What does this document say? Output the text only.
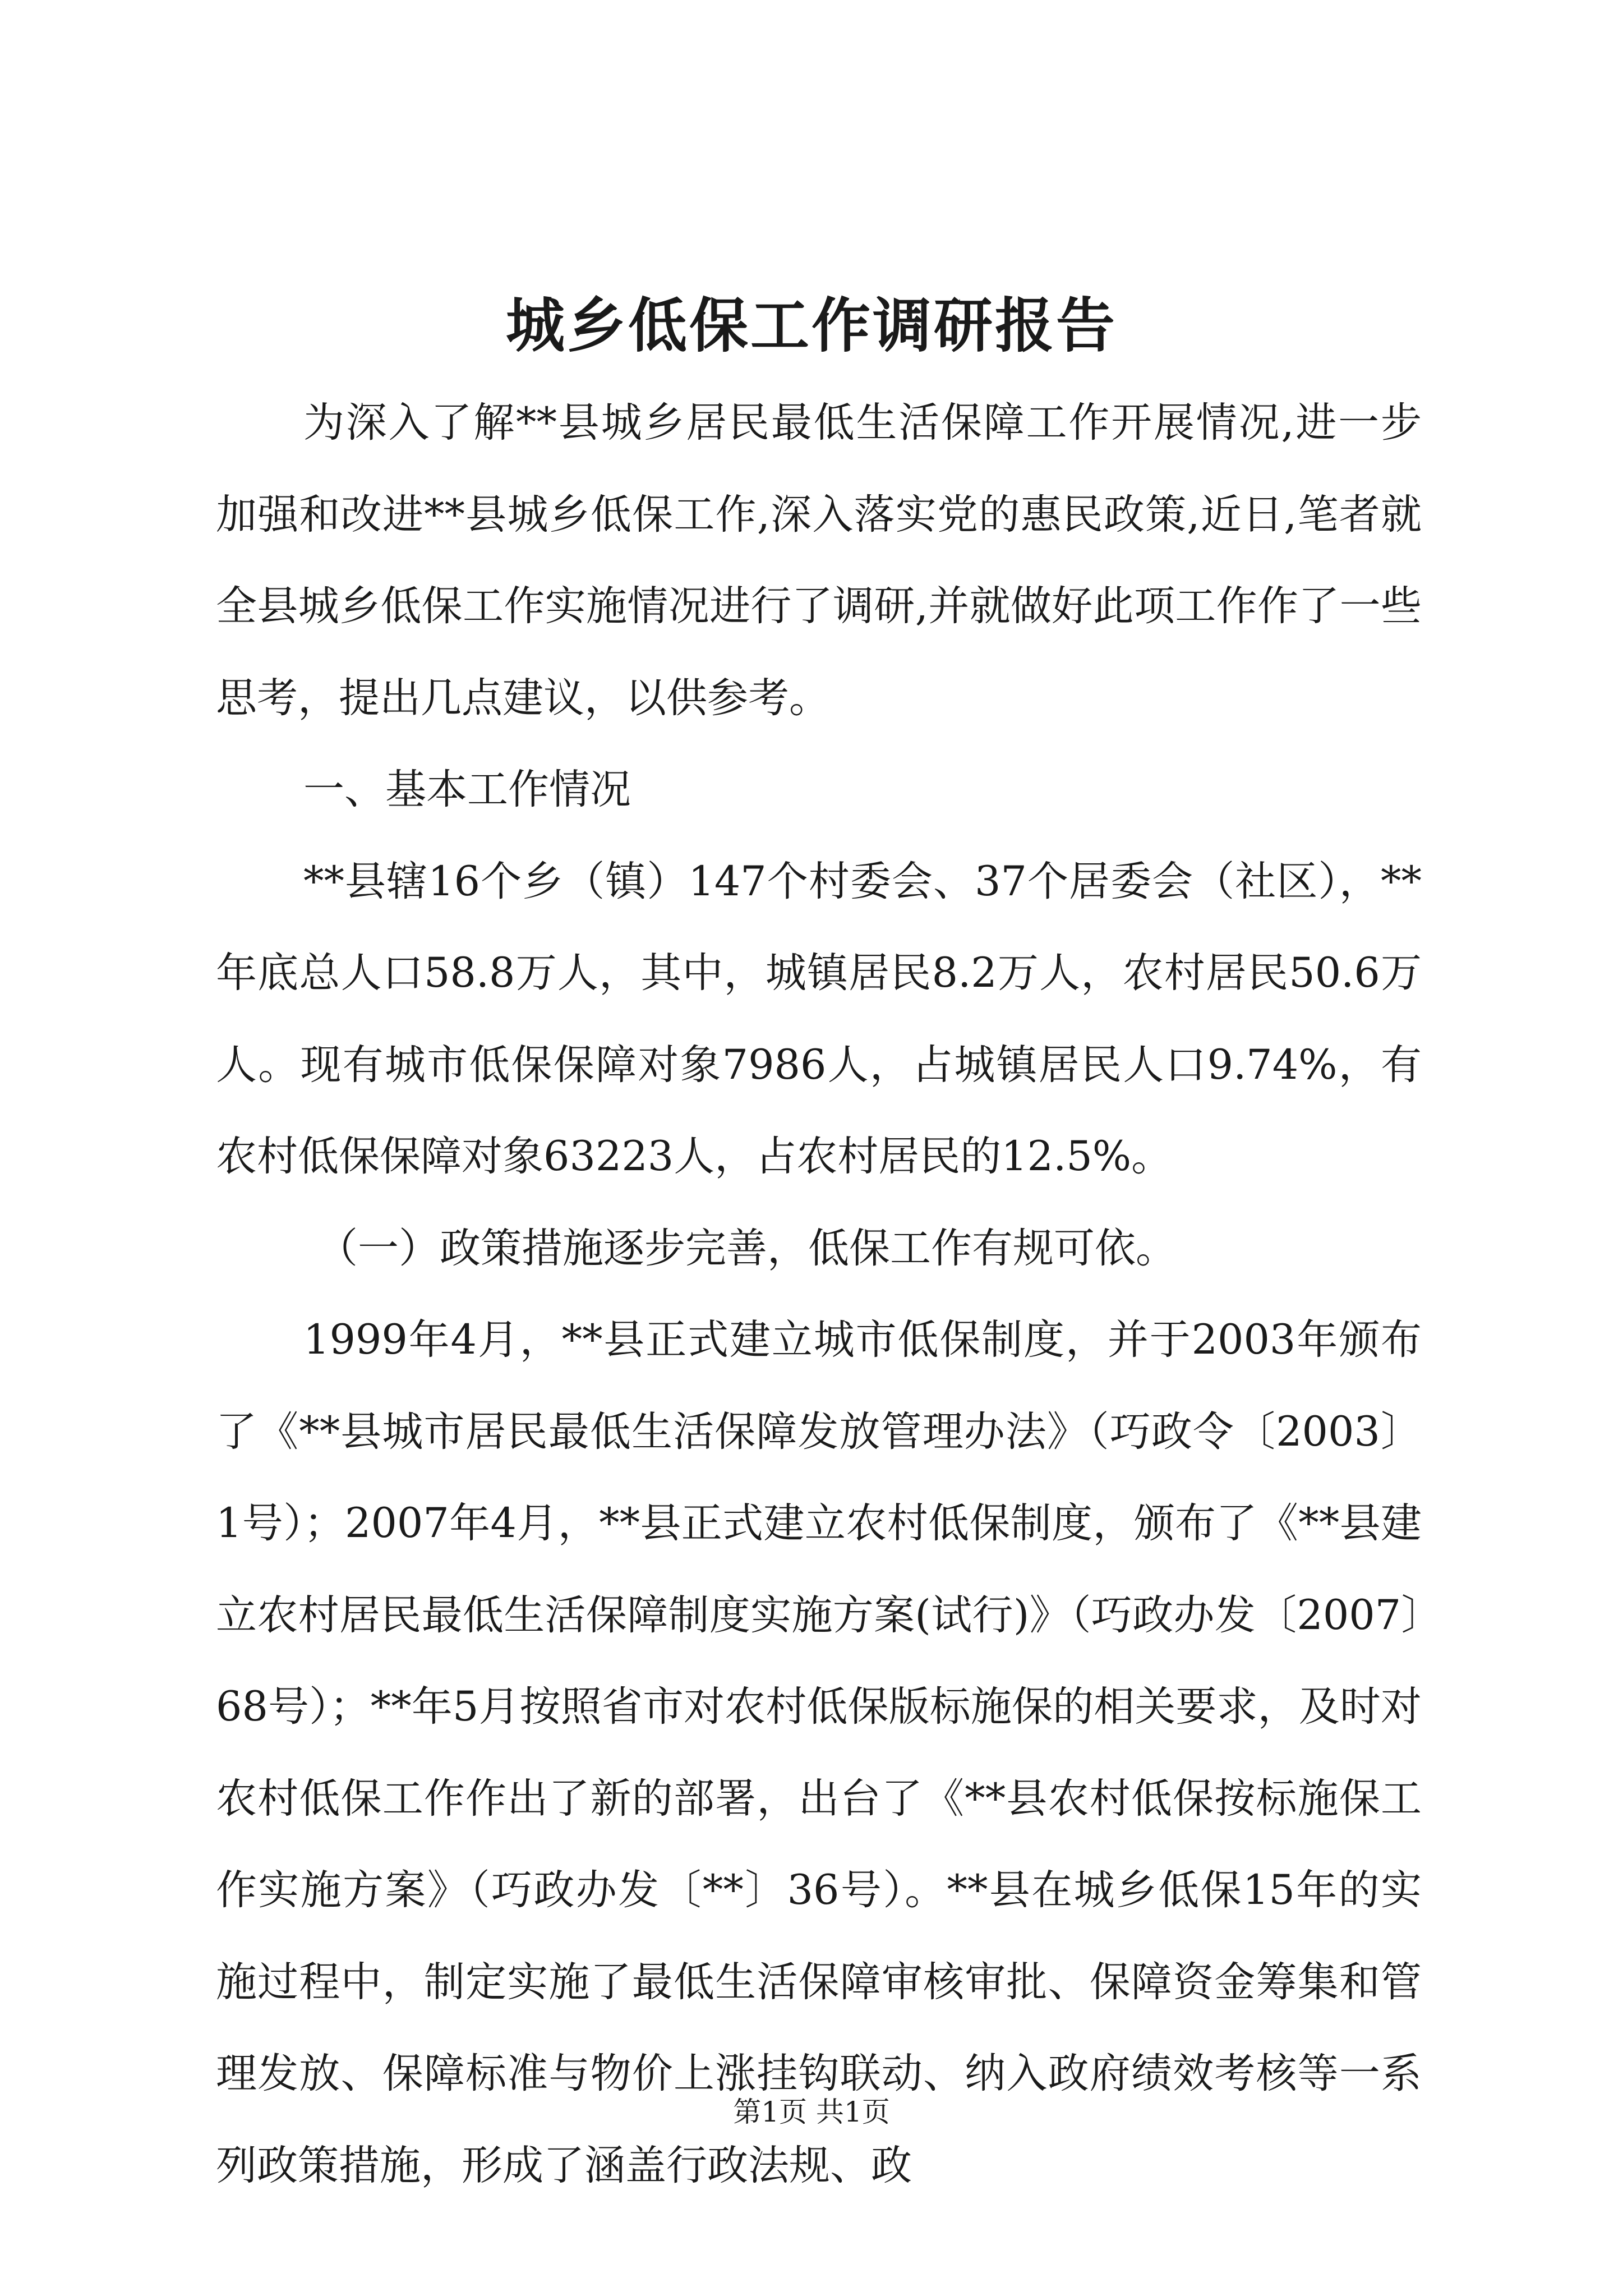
城乡低保工作调研报告

为深入了解**县城乡居民最低生活保障工作开展情况,进一步加强和改进**县城乡低保工作,深入落实党的惠民政策,近日,笔者就全县城乡低保工作实施情况进行了调研,并就做好此项工作作了一些思考，提出几点建议，以供参考。

一、基本工作情况

**县辖16个乡（镇）147个村委会、37个居委会（社区），**年底总人口58.8万人，其中，城镇居民8.2万人，农村居民50.6万人。现有城市低保保障对象7986人，占城镇居民人口9.74%，有农村低保保障对象63223人，占农村居民的12.5%。

（一）政策措施逐步完善，低保工作有规可依。

1999年4月，**县正式建立城市低保制度，并于2003年颁布了《**县城市居民最低生活保障发放管理办法》（巧政令〔2003〕1号）；2007年4月，**县正式建立农村低保制度，颁布了《**县建立农村居民最低生活保障制度实施方案(试行)》（巧政办发〔2007〕68号）；**年5月按照省市对农村低保版标施保的相关要求，及时对农村低保工作作出了新的部署，出台了《**县农村低保按标施保工作实施方案》（巧政办发〔**〕36号）。**县在城乡低保15年的实施过程中，制定实施了最低生活保障审核审批、保障资金筹集和管理发放、保障标准与物价上涨挂钩联动、纳入政府绩效考核等一系列政策措施，形成了涵盖行政法规、政

第1页 共1页
